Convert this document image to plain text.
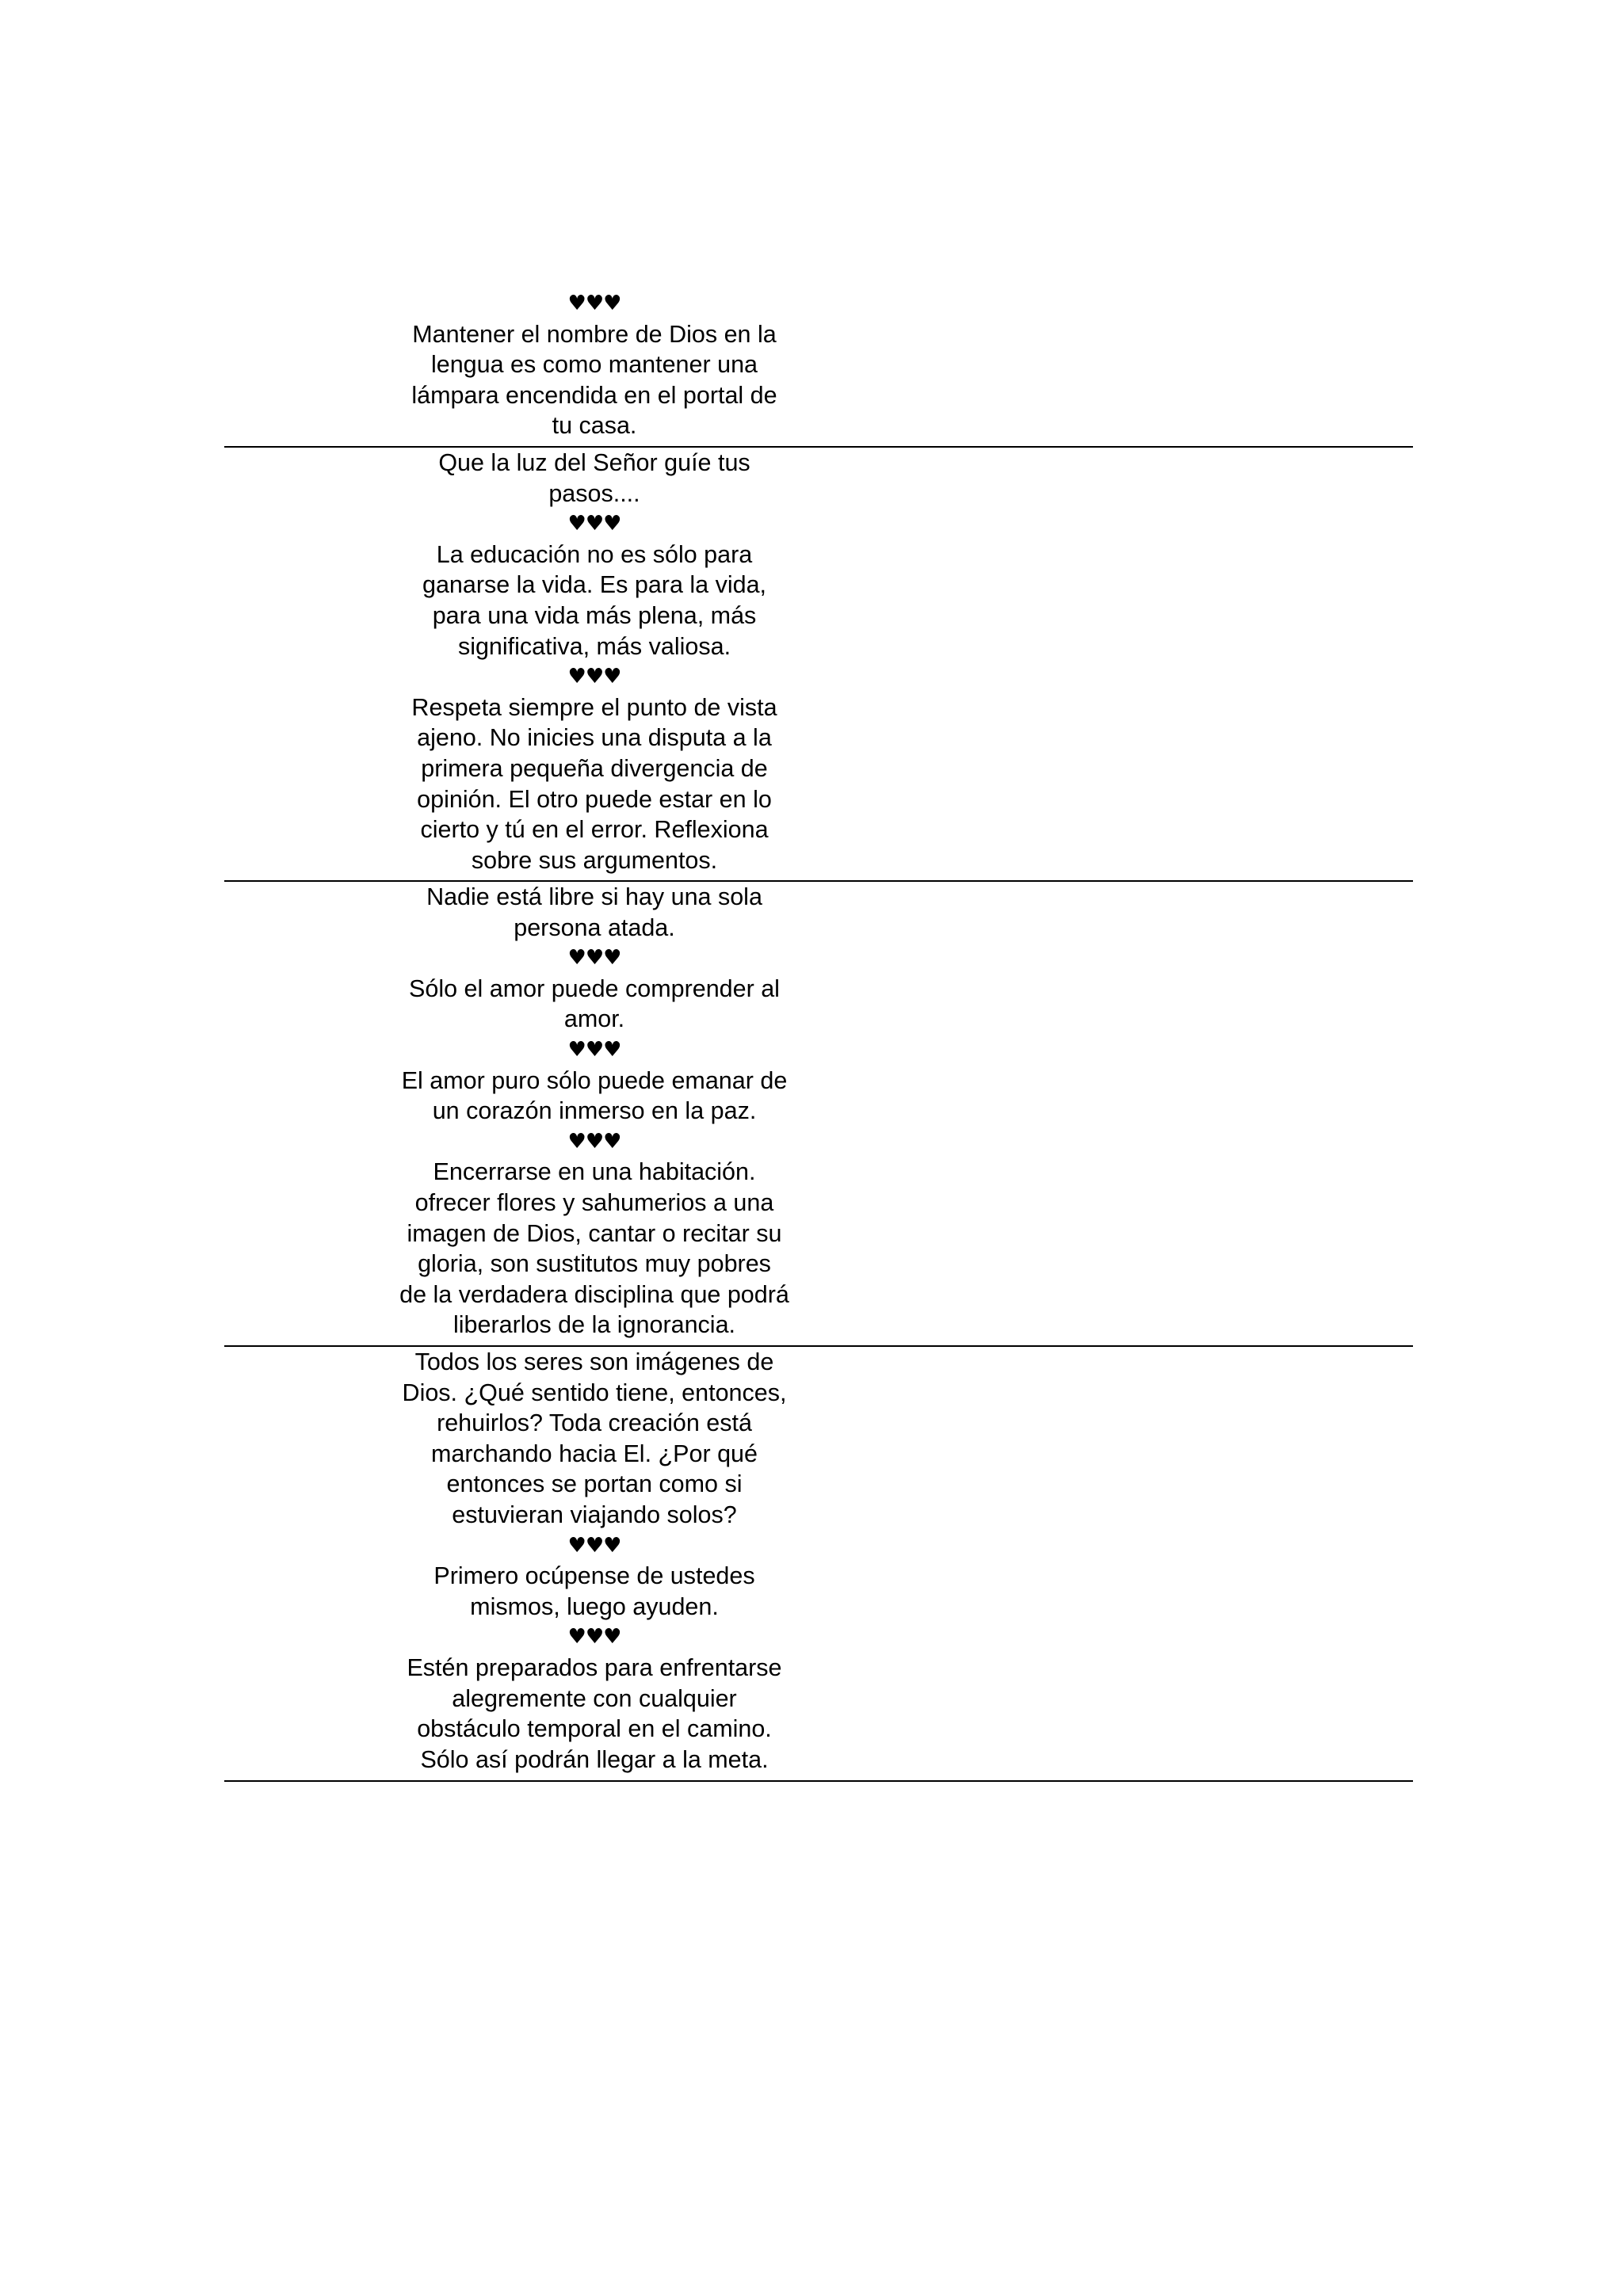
♥♥♥
Mantener el nombre de Dios en la
lengua es como mantener una
lámpara encendida en el portal de
tu casa.
Que la luz del Señor guíe tus
pasos....
♥♥♥
La educación no es sólo para
ganarse la vida. Es para la vida,
para una vida más plena, más
significativa, más valiosa.
♥♥♥
Respeta siempre el punto de vista
ajeno. No inicies una disputa a la
primera pequeña divergencia de
opinión. El otro puede estar en lo
cierto y tú en el error. Reflexiona
sobre sus argumentos.
Nadie está libre si hay una sola
persona atada.
♥♥♥
Sólo el amor puede comprender al
amor.
♥♥♥
El amor puro sólo puede emanar de
un corazón inmerso en la paz.
♥♥♥
Encerrarse en una habitación.
ofrecer flores y sahumerios a una
imagen de Dios, cantar o recitar su
gloria, son sustitutos muy pobres
de la verdadera disciplina que podrá
liberarlos de la ignorancia.
Todos los seres son imágenes de
Dios. ¿Qué sentido tiene, entonces,
rehuirlos? Toda creación está
marchando hacia El. ¿Por qué
entonces se portan como si
estuvieran viajando solos?
♥♥♥
Primero ocúpense de ustedes
mismos, luego ayuden.
♥♥♥
Estén preparados para enfrentarse
alegremente con cualquier
obstáculo temporal en el camino.
Sólo así podrán llegar a la meta.
